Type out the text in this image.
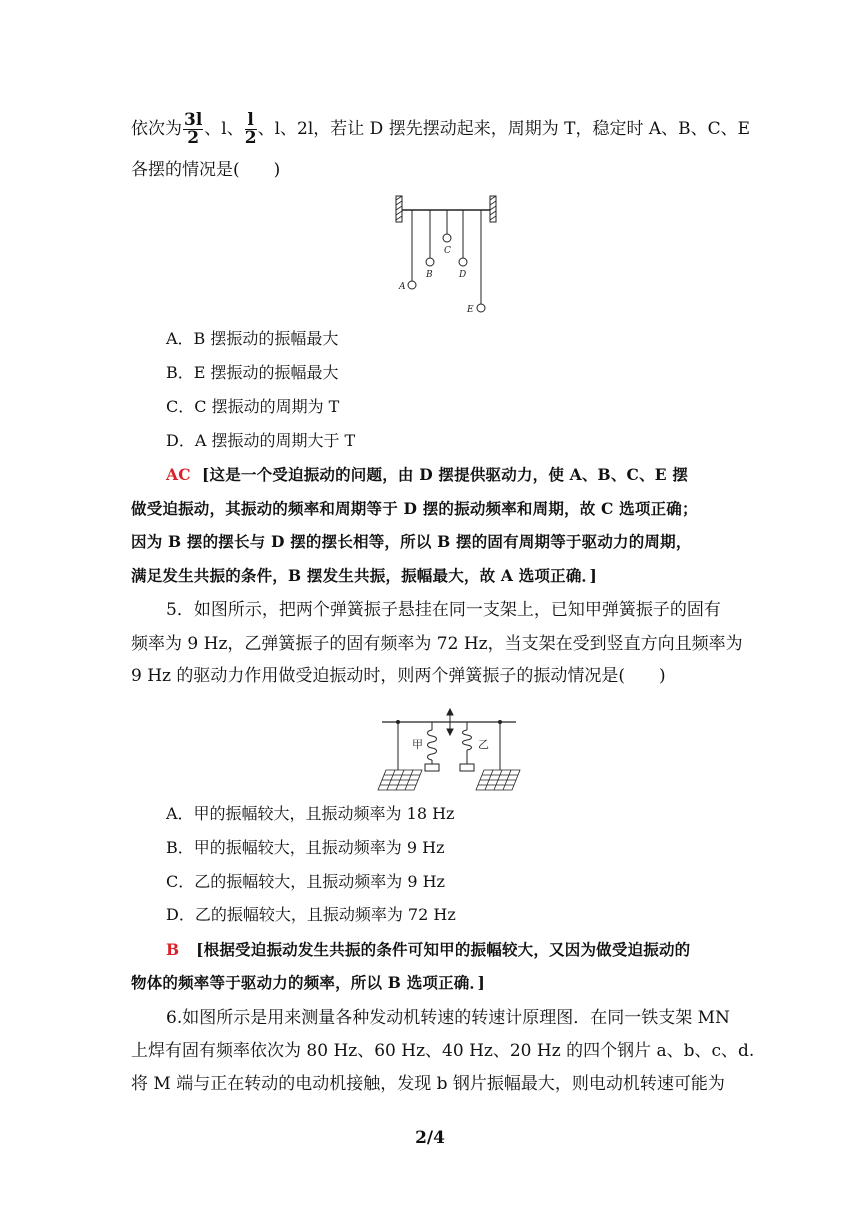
依次为 $\frac{3l}{2}$ 、l、 $\frac{l}{2}$ 、l、2l，若让 D 摆先摆动起来，周期为 T，稳定时 A、B、C、E
各摆的情况是(　　)
A
B
C
D
E
A．B 摆振动的振幅最大
B．E 摆振动的振幅最大
C．C 摆振动的周期为 T
D．A 摆振动的周期大于 T
AC [这是一个受迫振动的问题，由 D 摆提供驱动力，使 A、B、C、E 摆
做受迫振动，其振动的频率和周期等于 D 摆的振动频率和周期，故 C 选项正确；
因为 B 摆的摆长与 D 摆的摆长相等，所以 B 摆的固有周期等于驱动力的周期，
满足发生共振的条件，B 摆发生共振，振幅最大，故 A 选项正确．]
5．如图所示，把两个弹簧振子悬挂在同一支架上，已知甲弹簧振子的固有
频率为 9 Hz，乙弹簧振子的固有频率为 72 Hz，当支架在受到竖直方向且频率为
9 Hz 的驱动力作用做受迫振动时，则两个弹簧振子的振动情况是(　　)
甲	乙
A．甲的振幅较大，且振动频率为 18 Hz
B．甲的振幅较大，且振动频率为 9 Hz
C．乙的振幅较大，且振动频率为 9 Hz
D．乙的振幅较大，且振动频率为 72 Hz
B [根据受迫振动发生共振的条件可知甲的振幅较大，又因为做受迫振动的
物体的频率等于驱动力的频率，所以 B 选项正确．]
6.如图所示是用来测量各种发动机转速的转速计原理图．在同一铁支架 MN
上焊有固有频率依次为 80 Hz、60 Hz、40 Hz、20 Hz 的四个钢片 a、b、c、d.
将 M 端与正在转动的电动机接触，发现 b 钢片振幅最大，则电动机转速可能为
2/4
